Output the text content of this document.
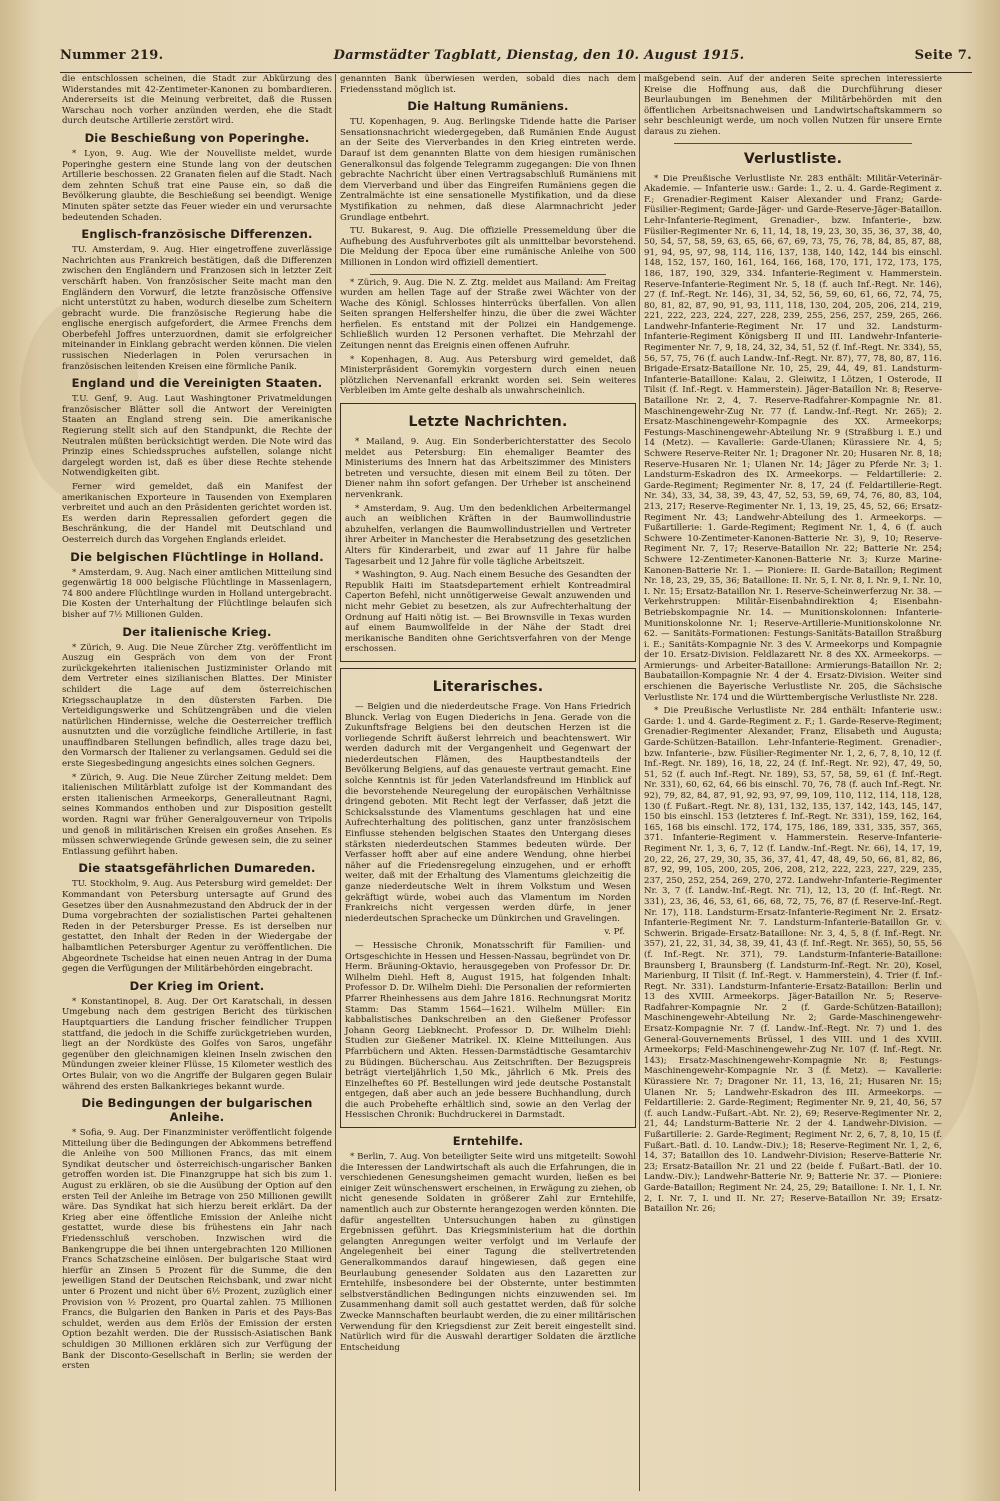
Nummer 219.	Darmstädter Tagblatt, Dienstag, den 10. August 1915.	Seite 7.

die entschlossen scheinen, die Stadt zur Abkürzung des Widerstandes mit 42-Zentimeter-Kanonen zu bombardieren. Andererseits ist die Meinung verbreitet, daß die Russen Warschau noch vorher anzünden werden, ehe die Stadt durch deutsche Artillerie zerstört wird.

Die Beschießung von Poperinghe.

* Lyon, 9. Aug. Wie der Nouvelliste meldet, wurde Poperinghe gestern eine Stunde lang von der deutschen Artillerie beschossen. 22 Granaten fielen auf die Stadt. Nach dem zehnten Schuß trat eine Pause ein, so daß die Bevölkerung glaubte, die Beschießung sei beendigt. Wenige Minuten später setzte das Feuer wieder ein und verursachte bedeutenden Schaden.

Englisch-französische Differenzen.

TU. Amsterdam, 9. Aug. Hier eingetroffene zuverlässige Nachrichten aus Frankreich bestätigen, daß die Differenzen zwischen den Engländern und Franzosen sich in letzter Zeit verschärft haben. Von französischer Seite macht man den Engländern den Vorwurf, die letzte französische Offensive nicht unterstützt zu haben, wodurch dieselbe zum Scheitern gebracht wurde. Die französische Regierung habe die englische energisch aufgefordert, die Armee Frenchs dem Oberbefehl Joffres unterzuordnen, damit sie erfolgreicher miteinander in Einklang gebracht werden können. Die vielen russischen Niederlagen in Polen verursachen in französischen leitenden Kreisen eine förmliche Panik.

England und die Vereinigten Staaten.

T.U. Genf, 9. Aug. Laut Washingtoner Privatmeldungen französischer Blätter soll die Antwort der Vereinigten Staaten an England streng sein. Die amerikanische Regierung stellt sich auf den Standpunkt, die Rechte der Neutralen müßten berücksichtigt werden. Die Note wird das Prinzip eines Schiedsspruches aufstellen, solange nicht dargelegt worden ist, daß es über diese Rechte stehende Notwendigkeiten gibt.

Ferner wird gemeldet, daß ein Manifest der amerikanischen Exporteure in Tausenden von Exemplaren verbreitet und auch an den Präsidenten gerichtet worden ist. Es werden darin Repressalien gefordert gegen die Beschränkung, die der Handel mit Deutschland und Oesterreich durch das Vorgehen Englands erleidet.

Die belgischen Flüchtlinge in Holland.

* Amsterdam, 9. Aug. Nach einer amtlichen Mitteilung sind gegenwärtig 18 000 belgische Flüchtlinge in Massenlagern, 74 800 andere Flüchtlinge wurden in Holland untergebracht. Die Kosten der Unterhaltung der Flüchtlinge belaufen sich bisher auf 7½ Millionen Gulden.

Der italienische Krieg.

* Zürich, 9. Aug. Die Neue Zürcher Ztg. veröffentlicht im Auszug ein Gespräch von dem von der Front zurückgekehrten italienischen Justizminister Orlando mit dem Vertreter eines sizilianischen Blattes. Der Minister schildert die Lage auf dem österreichischen Kriegsschauplatze in den düstersten Farben. Die Verteidigungswerke und Schützengräben und die vielen natürlichen Hindernisse, welche die Oesterreicher trefflich ausnutzten und die vorzügliche feindliche Artillerie, in fast unauffindbaren Stellungen befindlich, alles trage dazu bei, den Vormarsch der Italiener zu verlangsamen. Geduld sei die erste Siegesbedingung angesichts eines solchen Gegners.

* Zürich, 9. Aug. Die Neue Zürcher Zeitung meldet: Dem italienischen Militärblatt zufolge ist der Kommandant des ersten italienischen Armeekorps, Generalleutnant Ragni, seines Kommandos enthoben und zur Disposition gestellt worden. Ragni war früher Generalgouverneur von Tripolis und genoß in militärischen Kreisen ein großes Ansehen. Es müssen schwerwiegende Gründe gewesen sein, die zu seiner Entlassung geführt haben.

Die staatsgefährlichen Dumareden.

TU. Stockholm, 9. Aug. Aus Petersburg wird gemeldet: Der Kommandant von Petersburg untersagte auf Grund des Gesetzes über den Ausnahmezustand den Abdruck der in der Duma vorgebrachten der sozialistischen Partei gehaltenen Reden in der Petersburger Presse. Es ist derselben nur gestattet, den Inhalt der Reden in der Wiedergabe der halbamtlichen Petersburger Agentur zu veröffentlichen. Die Abgeordnete Tscheidse hat einen neuen Antrag in der Duma gegen die Verfügungen der Militärbehörden eingebracht.

Der Krieg im Orient.

* Konstantinopel, 8. Aug. Der Ort Karatschali, in dessen Umgebung nach dem gestrigen Bericht des türkischen Hauptquartiers die Landung frischer feindlicher Truppen stattfand, die jedoch in die Schiffe zurückgetrieben wurden, liegt an der Nordküste des Golfes von Saros, ungefähr gegenüber den gleichnamigen kleinen Inseln zwischen den Mündungen zweier kleiner Flüsse, 15 Kilometer westlich des Ortes Bulair, von wo die Angriffe der Bulgaren gegen Bulair während des ersten Balkankrieges bekannt wurde.

Die Bedingungen der bulgarischen Anleihe.

* Sofia, 9. Aug. Der Finanzminister veröffentlicht folgende Mitteilung über die Bedingungen der Abkommens betreffend die Anleihe von 500 Millionen Francs, das mit einem Syndikat deutscher und österreichisch-ungarischer Banken getroffen worden ist. Die Finanzgruppe hat sich bis zum 1. August zu erklären, ob sie die Ausübung der Option auf den ersten Teil der Anleihe im Betrage von 250 Millionen gewillt wäre. Das Syndikat hat sich hierzu bereit erklärt. Da der Krieg aber eine öffentliche Emission der Anleihe nicht gestattet, wurde diese bis frühestens ein Jahr nach Friedensschluß verschoben. Inzwischen wird die Bankengruppe die bei ihnen untergebrachten 120 Millionen Francs Schatzscheine einlösen. Der bulgarische Staat wird hierfür an Zinsen 5 Prozent für die Summe, die den jeweiligen Stand der Deutschen Reichsbank, und zwar nicht unter 6 Prozent und nicht über 6½ Prozent, zuzüglich einer Provision von ½ Prozent, pro Quartal zahlen. 75 Millionen Francs, die Bulgarien den Banken in Paris et des Pays-Bas schuldet, werden aus dem Erlös der Emission der ersten Option bezahlt werden. Die der Russisch-Asiatischen Bank schuldigen 30 Millionen erklären sich zur Verfügung der Bank der Disconto-Gesellschaft in Berlin; sie werden der ersten

genannten Bank überwiesen werden, sobald dies nach dem Friedensstand möglich ist.

Die Haltung Rumäniens.

TU. Kopenhagen, 9. Aug. Berlingske Tidende hatte die Pariser Sensationsnachricht wiedergegeben, daß Rumänien Ende August an der Seite des Vierverbandes in den Krieg eintreten werde. Darauf ist dem genannten Blatte von dem hiesigen rumänischen Generalkonsul das folgende Telegramm zugegangen: Die von Ihnen gebrachte Nachricht über einen Vertragsabschluß Rumäniens mit dem Vierverband und über das Eingreifen Rumäniens gegen die Zentralmächte ist eine sensationelle Mystifikation, und da diese Mystifikation zu nehmen, daß diese Alarmnachricht jeder Grundlage entbehrt.

TU. Bukarest, 9. Aug. Die offizielle Pressemeldung über die Aufhebung des Ausfuhrverbotes gilt als unmittelbar bevorstehend. Die Meldung der Epoca über eine rumänische Anleihe von 500 Millionen in London wird offiziell dementiert.

* Zürich, 9. Aug. Die N. Z. Ztg. meldet aus Mailand: Am Freitag wurden am hellen Tage auf der Straße zwei Wächter von der Wache des Königl. Schlosses hinterrücks überfallen. Von allen Seiten sprangen Helfershelfer hinzu, die über die zwei Wächter herfielen. Es entstand mit der Polizei ein Handgemenge. Schließlich wurden 12 Personen verhaftet. Die Mehrzahl der Zeitungen nennt das Ereignis einen offenen Aufruhr.

* Kopenhagen, 8. Aug. Aus Petersburg wird gemeldet, daß Ministerpräsident Goremykin vorgestern durch einen neuen plötzlichen Nervenanfall erkrankt worden sei. Sein weiteres Verbleiben im Amte gelte deshalb als unwahrscheinlich.

Letzte Nachrichten.

* Mailand, 9. Aug. Ein Sonderberichterstatter des Secolo meldet aus Petersburg: Ein ehemaliger Beamter des Ministeriums des Innern hat das Arbeitszimmer des Ministers betreten und versuchte, diesen mit einem Beil zu töten. Der Diener nahm ihn sofort gefangen. Der Urheber ist anscheinend nervenkrank.

* Amsterdam, 9. Aug. Um den bedenklichen Arbeitermangel auch an weiblichen Kräften in der Baumwollindustrie abzuhelfen, verlangen die Baumwollindustriellen und Vertreter ihrer Arbeiter in Manchester die Herabsetzung des gesetzlichen Alters für Kinderarbeit, und zwar auf 11 Jahre für halbe Tagesarbeit und 12 Jahre für volle tägliche Arbeitszeit.

* Washington, 9. Aug. Nach einem Besuche des Gesandten der Republik Haiti im Staatsdepartement erhielt Kontreadmiral Caperton Befehl, nicht unnötigerweise Gewalt anzuwenden und nicht mehr Gebiet zu besetzen, als zur Aufrechterhaltung der Ordnung auf Haiti nötig ist. — Bei Brownsville in Texas wurden auf einem Baumwollfelde in der Nähe der Stadt drei merikanische Banditen ohne Gerichtsverfahren von der Menge erschossen.

Literarisches.

— Belgien und die niederdeutsche Frage. Von Hans Friedrich Blunck. Verlag von Eugen Diederichs in Jena. Gerade von die Zukunftsfrage Belgiens bei den deutschen Herzen ist die vorliegende Schrift äußerst lehrreich und beachtenswert. Wir werden dadurch mit der Vergangenheit und Gegenwart der niederdeutschen Flämen, des Hauptbestandteils der Bevölkerung Belgiens, auf das genaueste vertraut gemacht. Eine solche Kenntnis ist für jeden Vaterlandsfreund im Hinblick auf die bevorstehende Neuregelung der europäischen Verhältnisse dringend geboten. Mit Recht legt der Verfasser, daß jetzt die Schicksalsstunde des Vlamentums geschlagen hat und eine Aufrechterhaltung des politischen, ganz unter französischem Einflusse stehenden belgischen Staates den Untergang dieses stärksten niederdeutschen Stammes bedeuten würde. Der Verfasser hofft aber auf eine andere Wendung, ohne hierbei näher auf die Friedensregelung einzugehen, und er erhofft weiter, daß mit der Erhaltung des Vlamentums gleichzeitig die ganze niederdeutsche Welt in ihrem Volkstum und Wesen gekräftigt würde, wobei auch das Vlamentum im Norden Frankreichs nicht vergessen werden dürfe, in jener niederdeutschen Sprachecke um Dünkirchen und Gravelingen.

v. Pf.

— Hessische Chronik, Monatsschrift für Familien- und Ortsgeschichte in Hessen und Hessen-Nassau, begründet von Dr. Herm. Bräuning-Oktavio, herausgegeben von Professor Dr. Dr. Wilhelm Diehl. Heft 8, August 1915, hat folgenden Inhalt: Professor D. Dr. Wilhelm Diehl: Die Personalien der reformierten Pfarrer Rheinhessens aus dem Jahre 1816. Rechnungsrat Moritz Stamm: Das Stamm 1564—1621. Wilhelm Müller: Ein kabbalistisches Dankschreiben an den Gießener Professor Johann Georg Liebknecht. Professor D. Dr. Wilhelm Diehl: Studien zur Gießener Matrikel. IX. Kleine Mitteilungen. Aus Pfarrbüchern und Akten. Hessen-Darmstädtische Gesamtarchiv zu Büdingen. Bücherschau. Aus Zeitschriften. Der Bezugspreis beträgt vierteljährlich 1,50 Mk., jährlich 6 Mk. Preis des Einzelheftes 60 Pf. Bestellungen wird jede deutsche Postanstalt entgegen, daß aber auch an jede bessere Buchhandlung, durch die auch Probehefte erhältlich sind, sowie an den Verlag der Hessischen Chronik: Buchdruckerei in Darmstadt.

Erntehilfe.

* Berlin, 7. Aug. Von beteiligter Seite wird uns mitgeteilt: Sowohl die Interessen der Landwirtschaft als auch die Erfahrungen, die in verschiedenen Genesungsheimen gemacht wurden, ließen es bei einiger Zeit wünschenswert erscheinen, in Erwägung zu ziehen, ob nicht genesende Soldaten in größerer Zahl zur Erntehilfe, namentlich auch zur Obsternte herangezogen werden könnten. Die dafür angestellten Untersuchungen haben zu günstigen Ergebnissen geführt. Das Kriegsministerium hat die dorthin gelangten Anregungen weiter verfolgt und im Verlaufe der Angelegenheit bei einer Tagung die stellvertretenden Generalkommandos darauf hingewiesen, daß gegen eine Beurlaubung genesender Soldaten aus den Lazaretten zur Erntehilfe, insbesondere bei der Obsternte, unter bestimmten selbstverständlichen Bedingungen nichts einzuwenden sei. Im Zusammenhang damit soll auch gestattet werden, daß für solche Zwecke Mannschaften beurlaubt werden, die zu einer militärischen Verwendung für den Kriegsdienst zur Zeit bereit eingestellt sind. Natürlich wird für die Auswahl derartiger Soldaten die ärztliche Entscheidung

maßgebend sein. Auf der anderen Seite sprechen interessierte Kreise die Hoffnung aus, daß die Durchführung dieser Beurlaubungen im Benehmen der Militärbehörden mit den öffentlichen Arbeitsnachweisen und Landwirtschaftskammern so sehr beschleunigt werde, um noch vollen Nutzen für unsere Ernte daraus zu ziehen.

Verlustliste.

* Die Preußische Verlustliste Nr. 283 enthält: Militär-Veterinär-Akademie. — Infanterie usw.: Garde: 1., 2. u. 4. Garde-Regiment z. F.; Grenadier-Regiment Kaiser Alexander und Franz; Garde-Füsilier-Regiment; Garde-Jäger- und Garde-Reserve-Jäger-Bataillon. Lehr-Infanterie-Regiment, Grenadier-, bzw. Infanterie-, bzw. Füsilier-Regimenter Nr. 6, 11, 14, 18, 19, 23, 30, 35, 36, 37, 38, 40, 50, 54, 57, 58, 59, 63, 65, 66, 67, 69, 73, 75, 76, 78, 84, 85, 87, 88, 91, 94, 95, 97, 98, 114, 116, 137, 138, 140, 142, 144 bis einschl. 148, 152, 157, 160, 161, 164, 166, 168, 170, 171, 172, 173, 175, 186, 187, 190, 329, 334. Infanterie-Regiment v. Hammerstein. Reserve-Infanterie-Regiment Nr. 5, 18 (f. auch Inf.-Regt. Nr. 146), 27 (f. Inf.-Regt. Nr. 146), 31, 34, 52, 56, 59, 60, 61, 66, 72, 74, 75, 80, 81, 82, 87, 90, 91, 93, 111, 118, 130, 204, 205, 206, 214, 219, 221, 222, 223, 224, 227, 228, 239, 255, 256, 257, 259, 265, 266. Landwehr-Infanterie-Regiment Nr. 17 und 32. Landsturm-Infanterie-Regiment Königsberg II und III. Landwehr-Infanterie-Regimenter Nr. 7, 9, 18, 24, 32, 34, 51, 52 (f. Inf.-Regt. Nr. 334), 55, 56, 57, 75, 76 (f. auch Landw.-Inf.-Regt. Nr. 87), 77, 78, 80, 87, 116. Brigade-Ersatz-Bataillone Nr. 10, 25, 29, 44, 49, 81. Landsturm-Infanterie-Bataillone: Kalau, 2. Gleiwitz, I Lötzen, I Osterode, II Tilsit (f. Inf.-Regt. v. Hammerstein). Jäger-Bataillon Nr. 8; Reserve-Bataillone Nr. 2, 4, 7. Reserve-Radfahrer-Kompagnie Nr. 81. Maschinengewehr-Zug Nr. 77 (f. Landw.-Inf.-Regt. Nr. 265); 2. Ersatz-Maschinengewehr-Kompagnie des XX. Armeekorps; Festungs-Maschinengewehr-Abteilung Nr. 9 (Straßburg i. E.) und 14 (Metz). — Kavallerie: Garde-Ulanen; Kürassiere Nr. 4, 5; Schwere Reserve-Reiter Nr. 1; Dragoner Nr. 20; Husaren Nr. 8, 18; Reserve-Husaren Nr. 1; Ulanen Nr. 14; Jäger zu Pferde Nr. 3; 1. Landsturm-Eskadron des IX. Armeekorps. — Feldartillerie: 2. Garde-Regiment; Regimenter Nr. 8, 17, 24 (f. Feldartillerie-Regt. Nr. 34), 33, 34, 38, 39, 43, 47, 52, 53, 59, 69, 74, 76, 80, 83, 104, 213, 217; Reserve-Regimenter Nr. 1, 13, 19, 25, 45, 52, 66; Ersatz-Regiment Nr. 43; Landwehr-Abteilung des 1. Armeekorps. — Fußartillerie: 1. Garde-Regiment; Regiment Nr. 1, 4, 6 (f. auch Schwere 10-Zentimeter-Kanonen-Batterie Nr. 3), 9, 10; Reserve-Regiment Nr. 7, 17; Reserve-Bataillon Nr. 22; Batterie Nr. 254; Schwere 12-Zentimeter-Kanonen-Batterie Nr. 3; Kurze Marine-Kanonen-Batterie Nr. 1. — Pioniere: II. Garde-Bataillon; Regiment Nr. 18, 23, 29, 35, 36; Bataillone: II. Nr. 5, I. Nr. 8, I. Nr. 9, I. Nr. 10, I. Nr. 15; Ersatz-Bataillon Nr. 1. Reserve-Scheinwerferzug Nr. 38. — Verkehrstruppen: Militär-Eisenbahndirektion 4; Eisenbahn-Betriebskompagnie Nr. 14. — Munitionskolonnen: Infanterie-Munitionskolonne Nr. 1; Reserve-Artillerie-Munitionskolonne Nr. 62. — Sanitäts-Formationen: Festungs-Sanitäts-Bataillon Straßburg i. E.; Sanitäts-Kompagnie Nr. 3 des V. Armeekorps und Kompagnie der 10. Ersatz-Division. Feldlazarett Nr. 8 des XX. Armeekorps. — Armierungs- und Arbeiter-Bataillone: Armierungs-Bataillon Nr. 2; Baubataillon-Kompagnie Nr. 4 der 4. Ersatz-Division. Weiter sind erschienen die Bayerische Verlustliste Nr. 205, die Sächsische Verlustliste Nr. 174 und die Württembergische Verlustliste Nr. 228.

* Die Preußische Verlustliste Nr. 284 enthält: Infanterie usw.: Garde: 1. und 4. Garde-Regiment z. F.; 1. Garde-Reserve-Regiment; Grenadier-Regimenter Alexander, Franz, Elisabeth und Augusta; Garde-Schützen-Bataillon. Lehr-Infanterie-Regiment. Grenadier-, bzw. Infanterie-, bzw. Füsilier-Regimenter Nr. 1, 2, 6, 7, 8, 10, 12 (f. Inf.-Regt. Nr. 189), 16, 18, 22, 24 (f. Inf.-Regt. Nr. 92), 47, 49, 50, 51, 52 (f. auch Inf.-Regt. Nr. 189), 53, 57, 58, 59, 61 (f. Inf.-Regt. Nr. 331), 60, 62, 64, 66 bis einschl. 70, 76, 78 (f. auch Inf.-Regt. Nr. 92), 79, 82, 84, 87, 91, 92, 93, 97, 99, 109, 110, 112, 114, 118, 128, 130 (f. Fußart.-Regt. Nr. 8), 131, 132, 135, 137, 142, 143, 145, 147, 150 bis einschl. 153 (letzteres f. Inf.-Regt. Nr. 331), 159, 162, 164, 165, 168 bis einschl. 172, 174, 175, 186, 189, 331, 335, 357, 365, 371. Infanterie-Regiment v. Hammerstein. Reserve-Infanterie-Regiment Nr. 1, 3, 6, 7, 12 (f. Landw.-Inf.-Regt. Nr. 66), 14, 17, 19, 20, 22, 26, 27, 29, 30, 35, 36, 37, 41, 47, 48, 49, 50, 66, 81, 82, 86, 87, 92, 99, 105, 200, 205, 206, 208, 212, 222, 223, 227, 229, 235, 237, 250, 252, 254, 269, 270, 272. Landwehr-Infanterie-Regimenter Nr. 3, 7 (f. Landw.-Inf.-Regt. Nr. 71), 12, 13, 20 (f. Inf.-Regt. Nr. 331), 23, 36, 46, 53, 61, 66, 68, 72, 75, 76, 87 (f. Reserve-Inf.-Regt. Nr. 17), 118. Landsturm-Ersatz-Infanterie-Regiment Nr. 2. Ersatz-Infanterie-Regiment Nr. 7. Landsturm-Infanterie-Bataillon Gr. v. Schwerin. Brigade-Ersatz-Bataillone: Nr. 3, 4, 5, 8 (f. Inf.-Regt. Nr. 357), 21, 22, 31, 34, 38, 39, 41, 43 (f. Inf.-Regt. Nr. 365), 50, 55, 56 (f. Inf.-Regt. Nr. 371), 79. Landsturm-Infanterie-Bataillone: Braunsberg I, Braunsberg (f. Landsturm-Inf.-Regt. Nr. 20), Kosel, Marienburg, II Tilsit (f. Inf.-Regt. v. Hammerstein), 4. Trier (f. Inf.-Regt. Nr. 331). Landsturm-Infanterie-Ersatz-Bataillon: Berlin und 13 des XVIII. Armeekorps. Jäger-Bataillon Nr. 5; Reserve-Radfahrer-Kompagnie Nr. 2 (f. Garde-Schützen-Bataillon); Maschinengewehr-Abteilung Nr. 2; Garde-Maschinengewehr-Ersatz-Kompagnie Nr. 7 (f. Landw.-Inf.-Regt. Nr. 7) und 1. des General-Gouvernements Brüssel, 1 des VIII. und 1 des XVIII. Armeekorps; Feld-Maschinengewehr-Zug Nr. 107 (f. Inf.-Regt. Nr. 143); Ersatz-Maschinengewehr-Kompagnie Nr. 8; Festungs-Maschinengewehr-Kompagnie Nr. 3 (f. Metz). — Kavallerie: Kürassiere Nr. 7; Dragoner Nr. 11, 13, 16, 21; Husaren Nr. 15; Ulanen Nr. 5; Landwehr-Eskadron des III. Armeekorps. — Feldartillerie: 2. Garde-Regiment; Regimenter Nr. 9, 21, 40, 56, 57 (f. auch Landw.-Fußart.-Abt. Nr. 2), 69; Reserve-Regimenter Nr. 2, 21, 44; Landsturm-Batterie Nr. 2 der 4. Landwehr-Division. — Fußartillerie: 2. Garde-Regiment; Regiment Nr. 2, 6, 7, 8, 10, 15 (f. Fußart.-Batl. d. 10. Landw.-Div.); 18; Reserve-Regiment Nr. 1, 2, 6, 14, 37; Bataillon des 10. Landwehr-Division; Reserve-Batterie Nr. 23; Ersatz-Bataillon Nr. 21 und 22 (beide f. Fußart.-Batl. der 10. Landw.-Div.); Landwehr-Batterie Nr. 9; Batterie Nr. 37. — Pioniere: Garde-Bataillon; Regiment Nr. 24, 25, 29; Bataillone: I. Nr. 1, I. Nr. 2, I. Nr. 7, I. und II. Nr. 27; Reserve-Bataillon Nr. 39; Ersatz-Bataillon Nr. 26;
